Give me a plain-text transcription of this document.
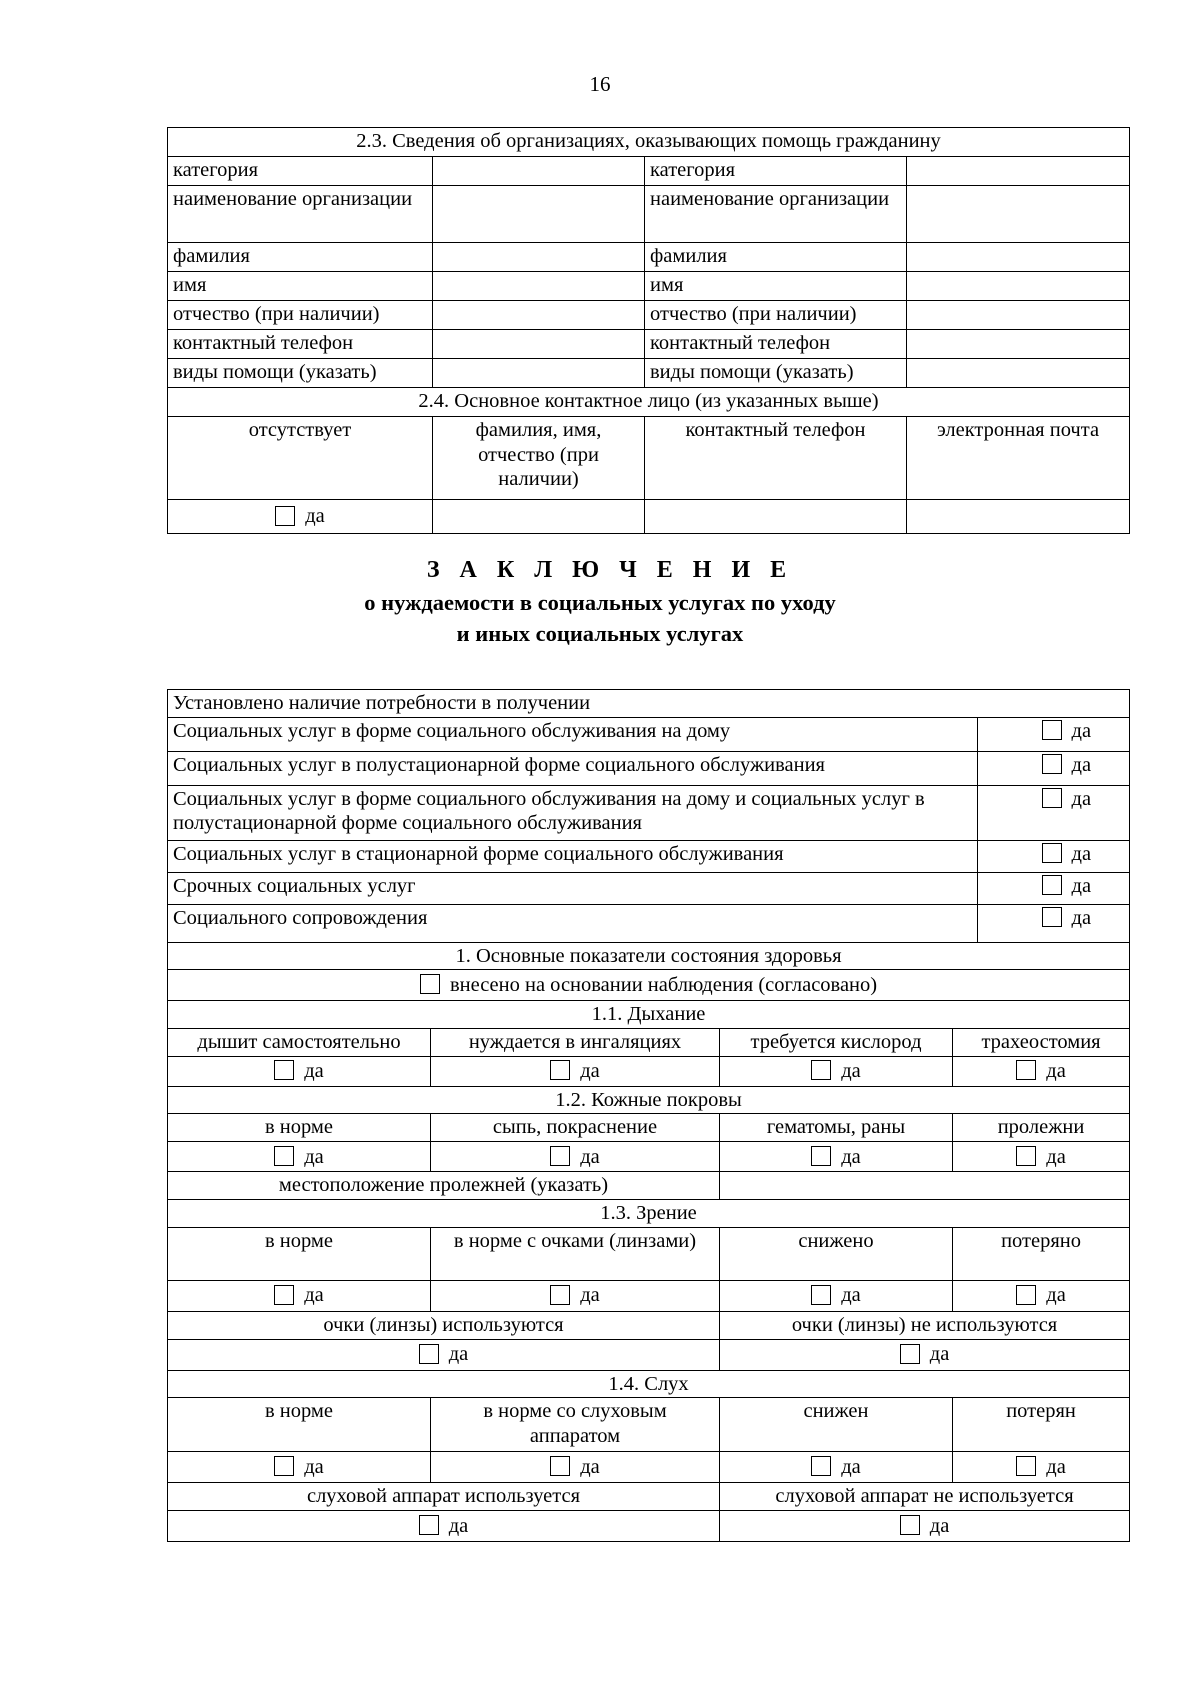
16
2.3. Сведения об организациях, оказывающих помощь гражданину			
категория		категория	
наименование организации		наименование организации	
фамилия		фамилия	
имя		имя	
отчество (при наличии)		отчество (при наличии)	
контактный телефон		контактный телефон	
виды помощи (указать)		виды помощи (указать)	
2.4. Основное контактное лицо (из указанных выше)			
отсутствует	фамилия, имя, отчество (при наличии)	контактный телефон	электронная почта
да			
З А К Л Ю Ч Е Н И Е
о нуждаемости в социальных услугах по уходу
и иных социальных услугах
Установлено наличие потребности в получении				
Социальных услуг в форме социального обслуживания на дому				да
Социальных услуг в полустационарной форме социального обслуживания				да
Социальных услуг в форме социального обслуживания на дому и социальных услуг в полустационарной форме социального обслуживания				да
Социальных услуг в стационарной форме социального обслуживания				да
Срочных социальных услуг				да
Социального сопровождения				да
1. Основные показатели состояния здоровья				
внесено на основании наблюдения (согласовано)				
1.1. Дыхание				
дышит самостоятельно	нуждается в ингаляциях	требуется кислород	трахеостомия	
да	да	да	да	
1.2. Кожные покровы				
в норме	сыпь, покраснение	гематомы, раны	пролежни	
да	да	да	да	
местоположение пролежней (указать)				
1.3. Зрение				
в норме	в норме с очками (линзами)	снижено	потеряно	
да	да	да	да	
очки (линзы) используются		очки (линзы) не используются		
да		да		
1.4. Слух				
в норме	в норме со слуховым аппаратом	снижен	потерян	
да	да	да	да	
слуховой аппарат используется		слуховой аппарат не используется		
да		да		
